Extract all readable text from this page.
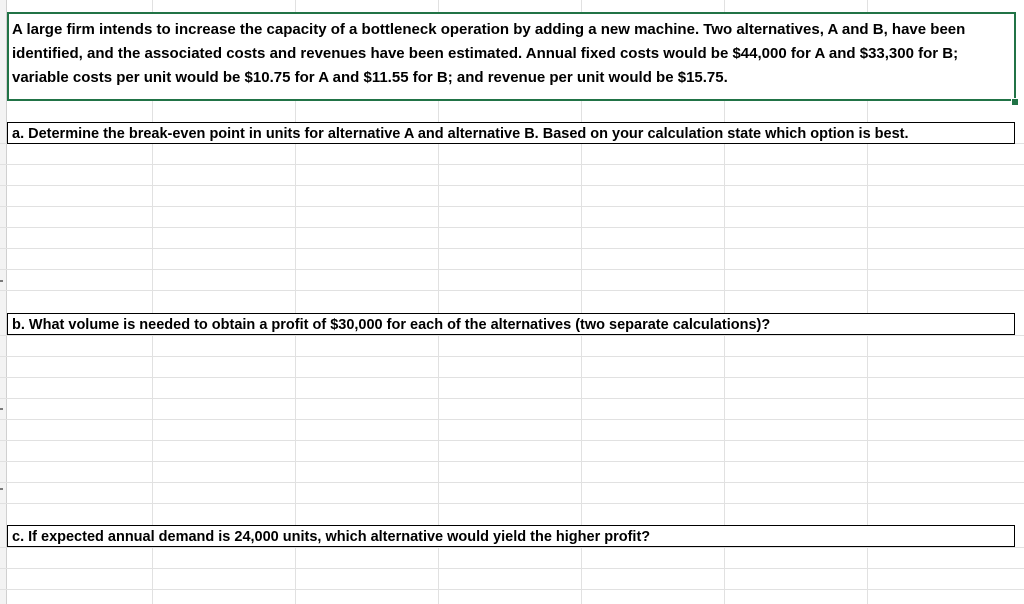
A large firm intends to increase the capacity of a bottleneck operation by adding a new machine. Two alternatives, A and B, have been
identified, and the associated costs and revenues have been estimated. Annual fixed costs would be $44,000 for A and $33,300 for B;
variable costs per unit would be $10.75 for A and $11.55 for B; and revenue per unit would be $15.75.
a. Determine the break-even point in units for alternative A and alternative B. Based on your calculation state which option is best.
b. What volume is needed to obtain a profit of $30,000 for each of the alternatives (two separate calculations)?
c. If expected annual demand is 24,000 units, which alternative would yield the higher profit?
